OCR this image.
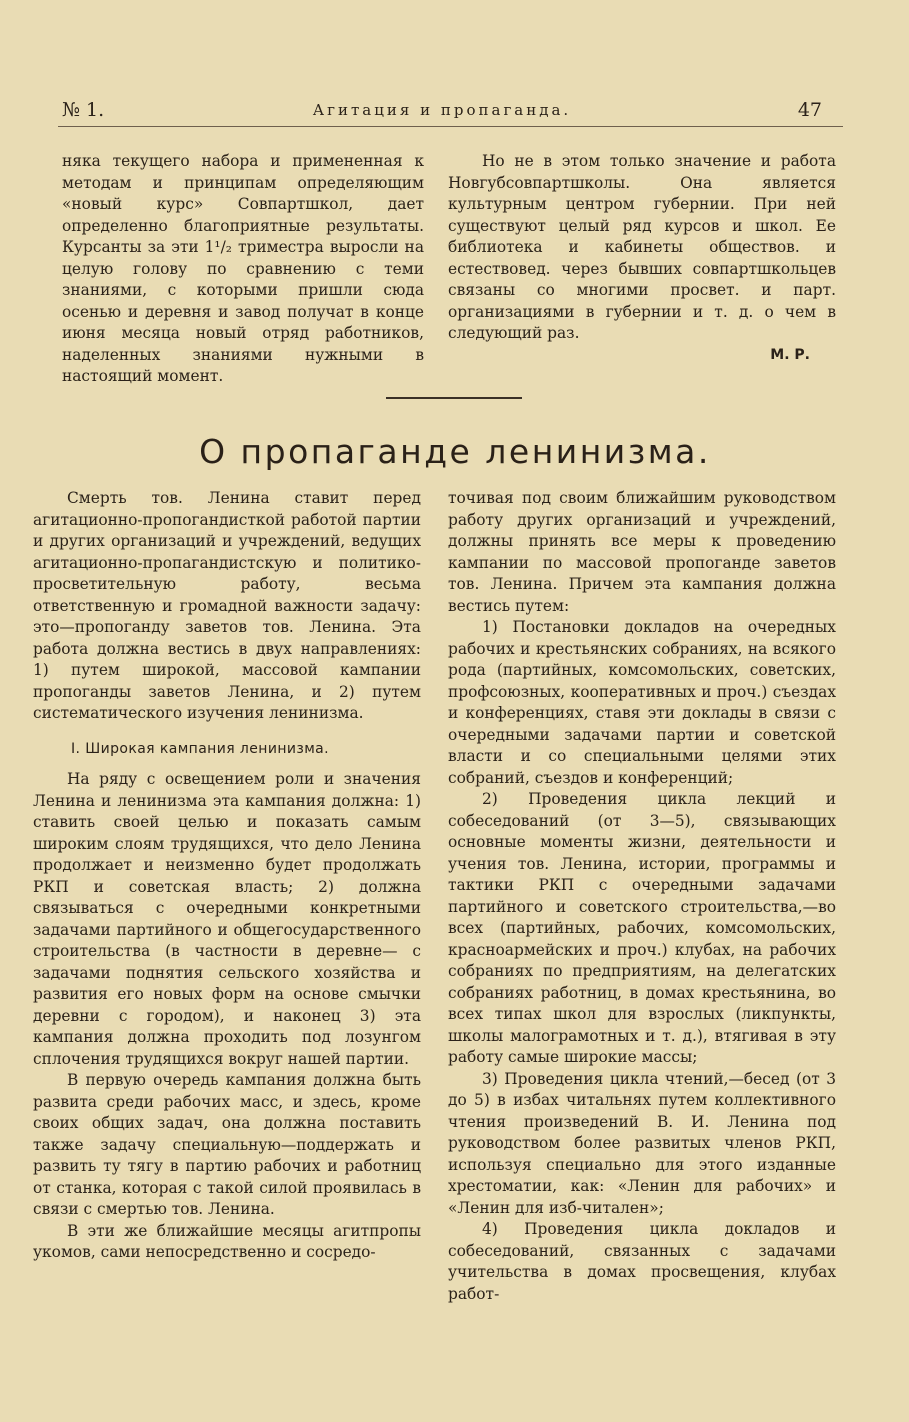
№ 1.	Агитация и пропаганда.	47

няка текущего набора и примененная к методам и принципам определяющим «новый курс» Совпартшкол, дает определенно благоприятные результаты. Курсанты за эти 1¹/₂ триместра выросли на целую голову по сравнению с теми знаниями, с которыми пришли сюда осенью и деревня и завод получат в конце июня месяца новый отряд работников, наделенных знаниями нужными в настоящий момент.

Но не в этом только значение и работа Новгубсовпартшколы. Она является культурным центром губернии. При ней существуют целый ряд курсов и школ. Ее библиотека и кабинеты обществов. и естествовед. через бывших совпартшкольцев связаны со многими просвет. и парт. организациями в губернии и т. д. о чем в следующий раз.

М. Р.

О пропаганде ленинизма.

Смерть тов. Ленина ставит перед агитационно-пропогандисткой работой партии и других организаций и учреждений, ведущих агитационно-пропагандистскую и политико-просветительную работу, весьма ответственную и громадной важности задачу: это—пропоганду заветов тов. Ленина. Эта работа должна вестись в двух направлениях: 1) путем широкой, массовой кампании пропоганды заветов Ленина, и 2) путем систематического изучения ленинизма.

I. Широкая кампания ленинизма.

На ряду с освещением роли и значения Ленина и ленинизма эта кампания должна: 1) ставить своей целью и показать самым широким слоям трудящихся, что дело Ленина продолжает и неизменно будет продолжать РКП и советская власть; 2) должна связываться с очередными конкретными задачами партийного и общегосударственного строительства (в частности в деревне— с задачами поднятия сельского хозяйства и развития его новых форм на основе смычки деревни с городом), и наконец 3) эта кампания должна проходить под лозунгом сплочения трудящихся вокруг нашей партии.

В первую очередь кампания должна быть развита среди рабочих масс, и здесь, кроме своих общих задач, она должна поставить также задачу специальную—поддержать и развить ту тягу в партию рабочих и работниц от станка, которая с такой силой проявилась в связи с смертью тов. Ленина.

В эти же ближайшие месяцы агитпропы укомов, сами непосредственно и сосредо-

точивая под своим ближайшим руководством работу других организаций и учреждений, должны принять все меры к проведению кампании по массовой пропоганде заветов тов. Ленина. Причем эта кампания должна вестись путем:

1) Постановки докладов на очередных рабочих и крестьянских собраниях, на всякого рода (партийных, комсомольских, советских, профсоюзных, кооперативных и проч.) съездах и конференциях, ставя эти доклады в связи с очередными задачами партии и советской власти и со специальными целями этих собраний, съездов и конференций;

2) Проведения цикла лекций и собеседований (от 3—5), связывающих основные моменты жизни, деятельности и учения тов. Ленина, истории, программы и тактики РКП с очередными задачами партийного и советского строительства,—во всех (партийных, рабочих, комсомольских, красноармейских и проч.) клубах, на рабочих собраниях по предприятиям, на делегатских собраниях работниц, в домах крестьянина, во всех типах школ для взрослых (ликпункты, школы малограмотных и т. д.), втягивая в эту работу самые широкие массы;

3) Проведения цикла чтений,—бесед (от 3 до 5) в избах читальнях путем коллективного чтения произведений В. И. Ленина под руководством более развитых членов РКП, используя специально для этого изданные хрестоматии, как: «Ленин для рабочих» и «Ленин для изб-читален»;

4) Проведения цикла докладов и собеседований, связанных с задачами учительства в домах просвещения, клубах работ-
